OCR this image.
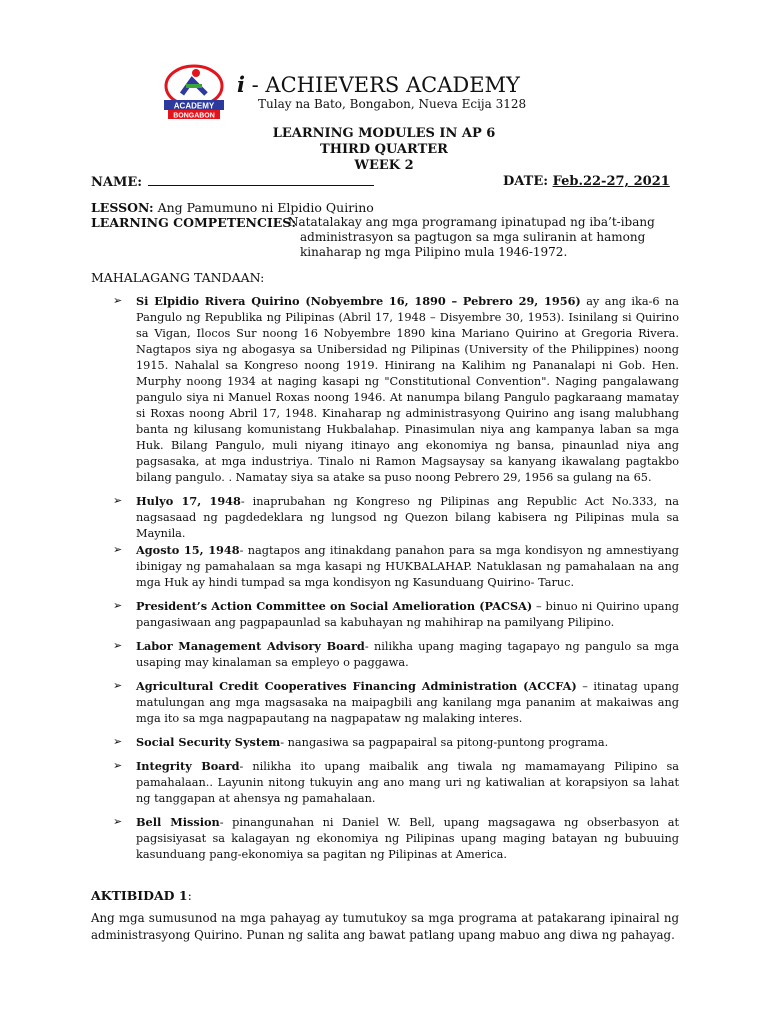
ACADEMY
BONGABON
i - ACHIEVERS ACADEMY
Tulay na Bato, Bongabon, Nueva Ecija 3128
LEARNING MODULES IN AP 6
THIRD QUARTER
WEEK 2
NAME:	DATE: Feb.22-27, 2021
LESSON: Ang Pamumuno ni Elpidio Quirino
LEARNING COMPETENCIES:
Natatalakay ang mga programang ipinatupad ng iba’t-ibang
administrasyon sa pagtugon sa mga suliranin at hamong
kinaharap ng mga Pilipino mula 1946-1972.
MAHALAGANG TANDAAN:
➢ Si Elpidio Rivera Quirino (Nobyembre 16, 1890 – Pebrero 29, 1956) ay ang ika-6 na Pangulo ng Republika ng Pilipinas (Abril 17, 1948 – Disyembre 30, 1953). Isinilang si Quirino sa Vigan, Ilocos Sur noong 16 Nobyembre 1890 kina Mariano Quirino at Gregoria Rivera. Nagtapos siya ng abogasya sa Unibersidad ng Pilipinas (University of the Philippines) noong 1915. Nahalal sa Kongreso noong 1919. Hinirang na Kalihim ng Pananalapi ni Gob. Hen. Murphy noong 1934 at naging kasapi ng "Constitutional Convention". Naging pangalawang pangulo siya ni Manuel Roxas noong 1946. At nanumpa bilang Pangulo pagkaraang mamatay si Roxas noong Abril 17, 1948. Kinaharap ng administrasyong Quirino ang isang malubhang banta ng kilusang komunistang Hukbalahap. Pinasimulan niya ang kampanya laban sa mga Huk. Bilang Pangulo, muli niyang itinayo ang ekonomiya ng bansa, pinaunlad niya ang pagsasaka, at mga industriya. Tinalo ni Ramon Magsaysay sa kanyang ikawalang pagtakbo bilang pangulo. . Namatay siya sa atake sa puso noong Pebrero 29, 1956 sa gulang na 65.
➢ Hulyo 17, 1948- inaprubahan ng Kongreso ng Pilipinas ang Republic Act No.333, na nagsasaad ng pagdedeklara ng lungsod ng Quezon bilang kabisera ng Pilipinas mula sa Maynila.
➢ Agosto 15, 1948- nagtapos ang itinakdang panahon para sa mga kondisyon ng amnestiyang ibinigay ng pamahalaan sa mga kasapi ng HUKBALAHAP. Natuklasan ng pamahalaan na ang mga Huk ay hindi tumpad sa mga kondisyon ng Kasunduang Quirino- Taruc.
➢ President’s Action Committee on Social Amelioration (PACSA) – binuo ni Quirino upang pangasiwaan ang pagpapaunlad sa kabuhayan ng mahihirap na pamilyang Pilipino.
➢ Labor Management Advisory Board- nilikha upang maging tagapayo ng pangulo sa mga usaping may kinalaman sa empleyo o paggawa.
➢ Agricultural Credit Cooperatives Financing Administration (ACCFA) – itinatag upang matulungan ang mga magsasaka na maipagbili ang kanilang mga pananim at makaiwas ang mga ito sa mga nagpapautang na nagpapataw ng malaking interes.
➢ Social Security System- nangasiwa sa pagpapairal sa pitong-puntong programa.
➢ Integrity Board- nilikha ito upang maibalik ang tiwala ng mamamayang Pilipino sa pamahalaan.. Layunin nitong tukuyin ang ano mang uri ng katiwalian at korapsiyon sa lahat ng tanggapan at ahensya ng pamahalaan.
➢ Bell Mission- pinangunahan ni Daniel W. Bell, upang magsagawa ng obserbasyon at pagsisiyasat sa kalagayan ng ekonomiya ng Pilipinas upang maging batayan ng bubuuing kasunduang pang-ekonomiya sa pagitan ng Pilipinas at America.
AKTIBIDAD 1:
Ang mga sumusunod na mga pahayag ay tumutukoy sa mga programa at patakarang ipinairal ng administrasyong Quirino. Punan ng salita ang bawat patlang upang mabuo ang diwa ng pahayag.
